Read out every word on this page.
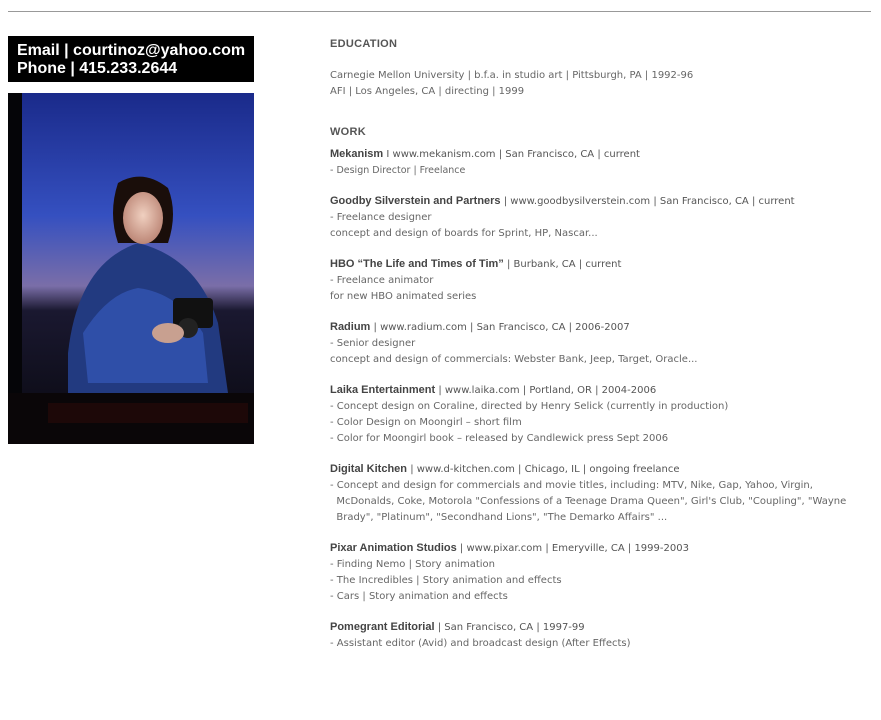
Email | courtinoz@yahoo.com
Phone | 415.233.2644
EDUCATION
Carnegie Mellon University | b.f.a. in studio art | Pittsburgh, PA | 1992-96
AFI | Los Angeles, CA | directing | 1999
WORK
Mekanism I www.mekanism.com | San Francisco, CA | current
- Design Director | Freelance
Goodby Silverstein and Partners | www.goodbysilverstein.com | San Francisco, CA | current
- Freelance designer
concept and design of boards for Sprint, HP, Nascar...
HBO “The Life and Times of Tim” | Burbank, CA | current
- Freelance animator
for new HBO animated series
Radium | www.radium.com | San Francisco, CA | 2006-2007
- Senior designer
concept and design of commercials: Webster Bank, Jeep, Target, Oracle...
Laika Entertainment | www.laika.com | Portland, OR | 2004-2006
- Concept design on Coraline, directed by Henry Selick (currently in production)
- Color Design on Moongirl – short film
- Color for Moongirl book – released by Candlewick press Sept 2006
Digital Kitchen | www.d-kitchen.com | Chicago, IL | ongoing freelance
- Concept and design for commercials and movie titles, including: MTV, Nike, Gap, Yahoo, Virgin,
McDonalds, Coke, Motorola "Confessions of a Teenage Drama Queen", Girl's Club, "Coupling", "Wayne
Brady", "Platinum", "Secondhand Lions", "The Demarko Affairs" ...
Pixar Animation Studios | www.pixar.com | Emeryville, CA | 1999-2003
- Finding Nemo | Story animation
- The Incredibles | Story animation and effects
- Cars | Story animation and effects
Pomegrant Editorial | San Francisco, CA | 1997-99
- Assistant editor (Avid) and broadcast design (After Effects)
